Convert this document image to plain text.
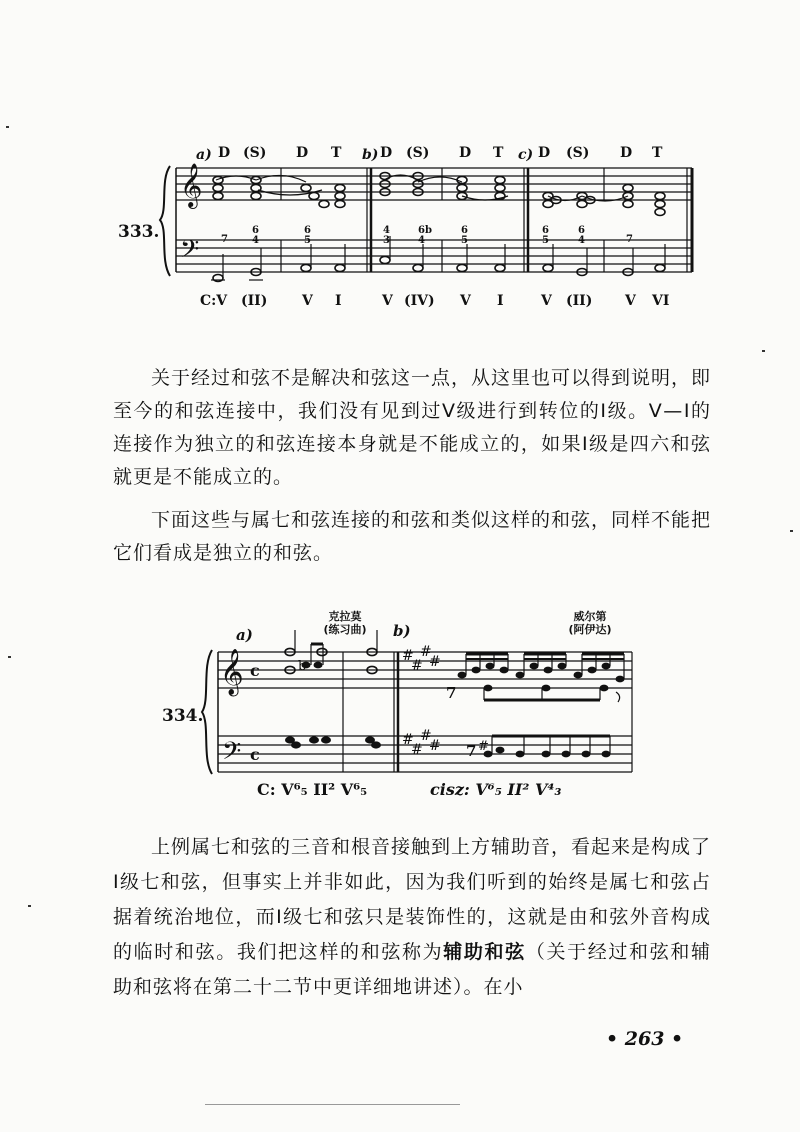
a) D (S) D T b) D (S) D T c) D (S) D T
333.
𝄞
𝄢 7
6
4
6
5
4
3
6b
4
6
5
6
5
6
4	7
C:V (II) V I	V (IV) V I	V (II) V VI

关于经过和弦不是解决和弦这一点，从这里也可以得到说明，即至今的和弦连接中，我们没有见到过Ⅴ级进行到转位的Ⅰ级。Ⅴ—Ⅰ的连接作为独立的和弦连接本身就是不能成立的，如果Ⅰ级是四六和弦就更是不能成立的。

下面这些与属七和弦连接的和弦和类似这样的和弦，同样不能把它们看成是独立的和弦。

a)	b)
克拉莫
(练习曲)
威尔第
(阿伊达)
334.
𝄞
𝄢
c
c
#
#
#
#
#
#
#
#
b
#
7
7
C: V⁶₅ II² V⁶₅	cisz: V⁶₅ II² V⁴₃

上例属七和弦的三音和根音接触到上方辅助音，看起来是构成了Ⅰ级七和弦，但事实上并非如此，因为我们听到的始终是属七和弦占据着统治地位，而Ⅰ级七和弦只是装饰性的，这就是由和弦外音构成的临时和弦。我们把这样的和弦称为辅助和弦（关于经过和弦和辅助和弦将在第二十二节中更详细地讲述）。在小

• 263 •
